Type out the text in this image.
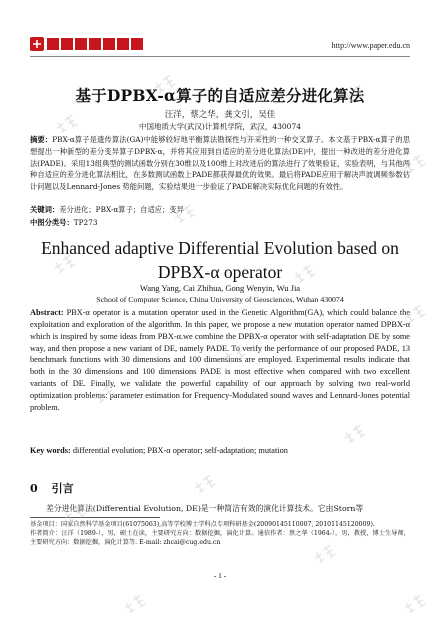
http://www.paper.edu.cn
基于DPBX-α算子的自适应差分进化算法
汪洋，蔡之华，龚文引，吴佳
中国地质大学(武汉)计算机学院，武汉，430074
摘要：PBX-α算子是遗传算法(GA)中能够较好地平衡算法勘探性与开采性的一种交叉算子。本文基于PBX-α算子的思想提出一种新型的差分变异算子DPBX-α，并将其应用到自适应的差分进化算法(DE)中，提出一种改进的差分进化算法(PADE)。采用13组典型的测试函数分别在30维以及100维上对改进后的算法进行了效果验证，实验表明，与其他两种自适应的差分进化算法相比，在多数测试函数上PADE都获得最优的效果。最后将PADE应用于解决声波调频参数估计问题以及Lennard-Jones 势能问题，实验结果进一步验证了PADE解决实际优化问题的有效性。
关键词：差分进化；PBX-α算子；自适应；变异
中图分类号：TP273
Enhanced adaptive Differential Evolution based on DPBX-α operator
Wang Yang, Cai Zhihua, Gong Wenyin, Wu Jia
School of Computer Science, China University of Geosciences, Wuhan 430074
Abstract: PBX-α operator is a mutation operator used in the Genetic Algorithm(GA), which could balance the exploitation and exploration of the algorithm. In this paper, we propose a new mutation operator named DPBX-α which is inspired by some ideas from PBX-α.we combine the DPBX-α operator with self-adaptation DE by some way, and then propose a new variant of DE, namely PADE. To verify the performance of our proposed PADE, 13 benchmark functions with 30 dimensions and 100 dimensions are employed. Experimental results indicate that both in the 30 dimensions and 100 dimensions PADE is most effective when compared with two excellent variants of DE. Finally, we validate the powerful capability of our approach by solving two real-world optimization problems: parameter estimation for Frequency-Modulated sound waves and Lennard-Jones potential problem.
Key words: differential evolution; PBX-α operator; self-adaptation; mutation
0 引言
差分进化算法(Differential Evolution, DE)是一种简洁有效的演化计算技术。它由Storn等
基金项目：国家自然科学基金项目(61075063),高等学校博士学科点专项科研基金(20090145110007, 20101145120009).
作者简介：汪洋（1989-），男，硕士在读，主要研究方向：数据挖掘，演化计算。通信作者：蔡之华（1964-），男，教授，博士生导师，主要研究方向：数据挖掘，演化计算等. E-mail: zhcai@cug.edu.cn
- 1 -
